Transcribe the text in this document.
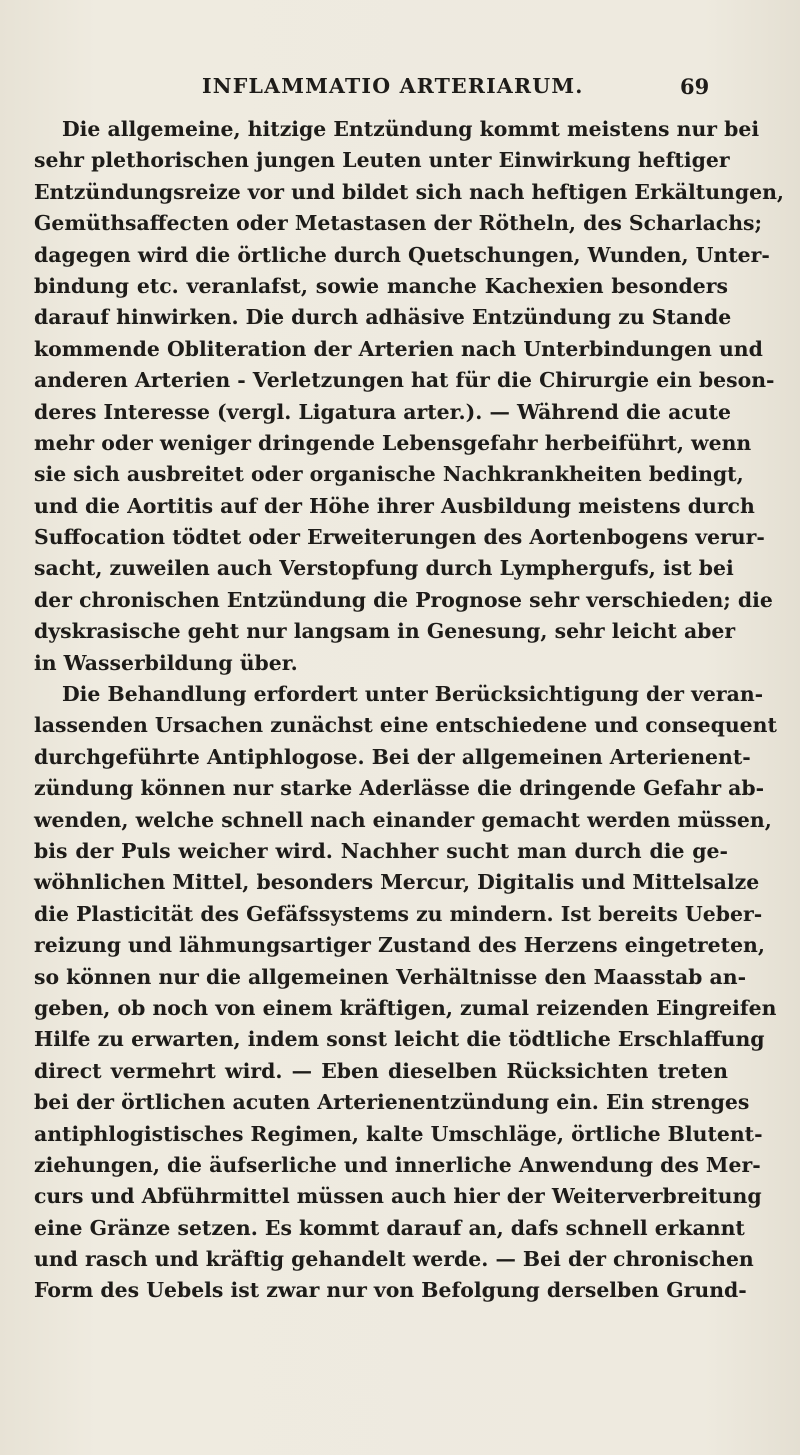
INFLAMMATIO ARTERIARUM.	69
Die allgemeine, hitzige Entzündung kommt meistens nur bei
sehr plethorischen jungen Leuten unter Einwirkung heftiger
Entzündungsreize vor und bildet sich nach heftigen Erkältungen,
Gemüthsaffecten oder Metastasen der Rötheln, des Scharlachs;
dagegen wird die örtliche durch Quetschungen, Wunden, Unter-
bindung etc. veranlafst, sowie manche Kachexien besonders
darauf hinwirken. Die durch adhäsive Entzündung zu Stande
kommende Obliteration der Arterien nach Unterbindungen und
anderen Arterien - Verletzungen hat für die Chirurgie ein beson-
deres Interesse (vergl. Ligatura arter.). — Während die acute
mehr oder weniger dringende Lebensgefahr herbeiführt, wenn
sie sich ausbreitet oder organische Nachkrankheiten bedingt,
und die Aortitis auf der Höhe ihrer Ausbildung meistens durch
Suffocation tödtet oder Erweiterungen des Aortenbogens verur-
sacht, zuweilen auch Verstopfung durch Lymphergufs, ist bei
der chronischen Entzündung die Prognose sehr verschieden; die
dyskrasische geht nur langsam in Genesung, sehr leicht aber
in Wasserbildung über.
Die Behandlung erfordert unter Berücksichtigung der veran-
lassenden Ursachen zunächst eine entschiedene und consequent
durchgeführte Antiphlogose. Bei der allgemeinen Arterienent-
zündung können nur starke Aderlässe die dringende Gefahr ab-
wenden, welche schnell nach einander gemacht werden müssen,
bis der Puls weicher wird. Nachher sucht man durch die ge-
wöhnlichen Mittel, besonders Mercur, Digitalis und Mittelsalze
die Plasticität des Gefäfssystems zu mindern. Ist bereits Ueber-
reizung und lähmungsartiger Zustand des Herzens eingetreten,
so können nur die allgemeinen Verhältnisse den Maasstab an-
geben, ob noch von einem kräftigen, zumal reizenden Eingreifen
Hilfe zu erwarten, indem sonst leicht die tödtliche Erschlaffung
direct vermehrt wird. — Eben dieselben Rücksichten treten
bei der örtlichen acuten Arterienentzündung ein. Ein strenges
antiphlogistisches Regimen, kalte Umschläge, örtliche Blutent-
ziehungen, die äufserliche und innerliche Anwendung des Mer-
curs und Abführmittel müssen auch hier der Weiterverbreitung
eine Gränze setzen. Es kommt darauf an, dafs schnell erkannt
und rasch und kräftig gehandelt werde. — Bei der chronischen
Form des Uebels ist zwar nur von Befolgung derselben Grund-
